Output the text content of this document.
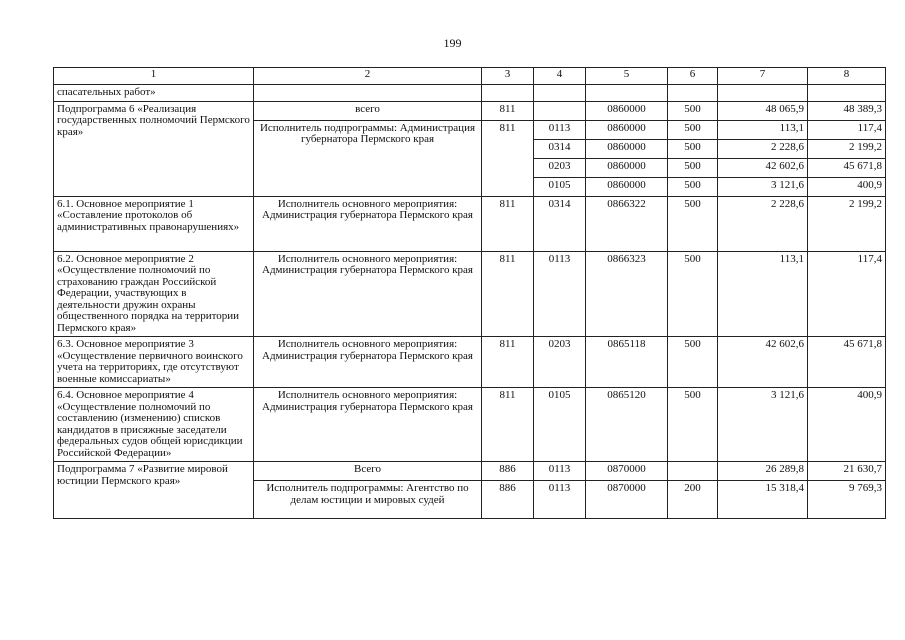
199
1	2	3	4	5	6	7	8
спасательных работ»							
Подпрограмма 6 «Реализация государственных полномочий Пермского края»	всего	811		0860000	500	48 065,9	48 389,3
	Исполнитель подпрограммы: Администрация губернатора Пермского края	811	0113	0860000	500	113,1	117,4
			0314	0860000	500	2 228,6	2 199,2
			0203	0860000	500	42 602,6	45 671,8
			0105	0860000	500	3 121,6	400,9
6.1. Основное мероприятие 1 «Составление протоколов об административных правонарушениях»	Исполнитель основного мероприятия: Администрация губернатора Пермского края	811	0314	0866322	500	2 228,6	2 199,2
6.2. Основное мероприятие 2 «Осуществление полномочий по страхованию граждан Российской Федерации, участвующих в деятельности дружин охраны общественного порядка на территории Пермского края»	Исполнитель основного мероприятия: Администрация губернатора Пермского края	811	0113	0866323	500	113,1	117,4
6.3. Основное мероприятие 3 «Осуществление первичного воинского учета на территориях, где отсутствуют военные комиссариаты»	Исполнитель основного мероприятия: Администрация губернатора Пермского края	811	0203	0865118	500	42 602,6	45 671,8
6.4. Основное мероприятие 4 «Осуществление полномочий по составлению (изменению) списков кандидатов в присяжные заседатели федеральных судов общей юрисдикции Российской Федерации»	Исполнитель основного мероприятия: Администрация губернатора Пермского края	811	0105	0865120	500	3 121,6	400,9
Подпрограмма 7 «Развитие мировой юстиции Пермского края»	Всего	886	0113	0870000		26 289,8	21 630,7
	Исполнитель подпрограммы: Агентство по делам юстиции и мировых судей	886	0113	0870000	200	15 318,4	9 769,3
